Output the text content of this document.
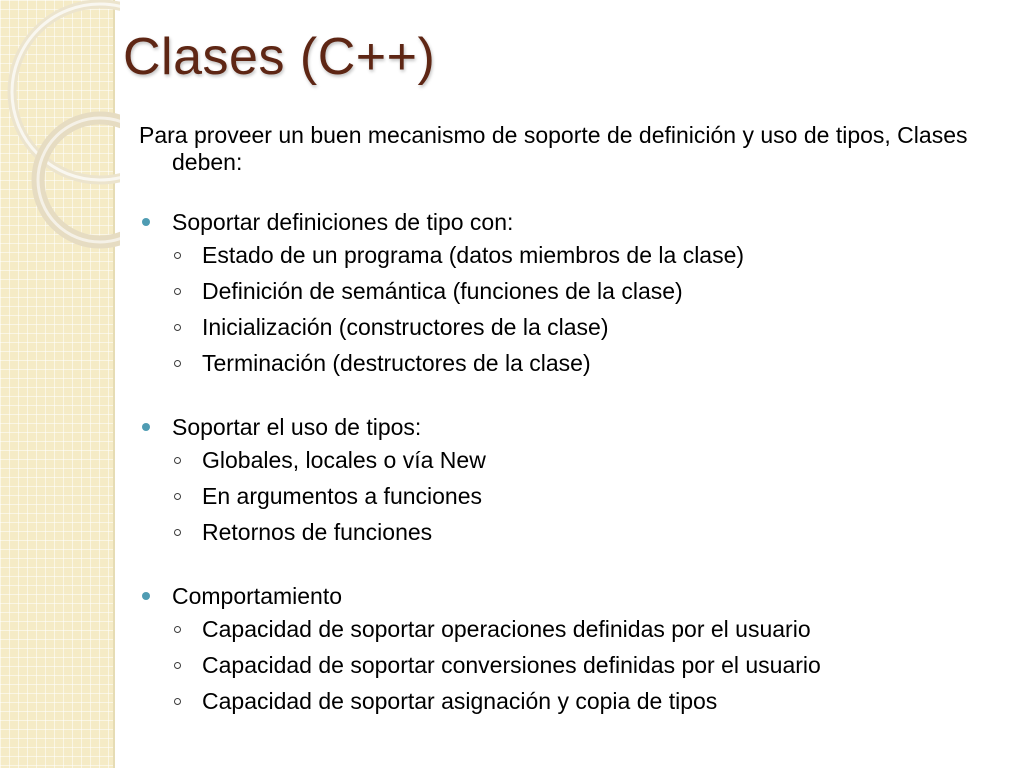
Clases (C++)

Para proveer un buen mecanismo de soporte de definición y uso de tipos, Clases deben:

Soportar definiciones de tipo con:
Estado de un programa (datos miembros de la clase)
Definición de semántica (funciones de la clase)
Inicialización (constructores de la clase)
Terminación (destructores de la clase)
Soportar el uso de tipos:
Globales, locales o vía New
En argumentos a funciones
Retornos de funciones
Comportamiento
Capacidad de soportar operaciones definidas por el usuario
Capacidad de soportar conversiones definidas por el usuario
Capacidad de soportar asignación y copia de tipos
